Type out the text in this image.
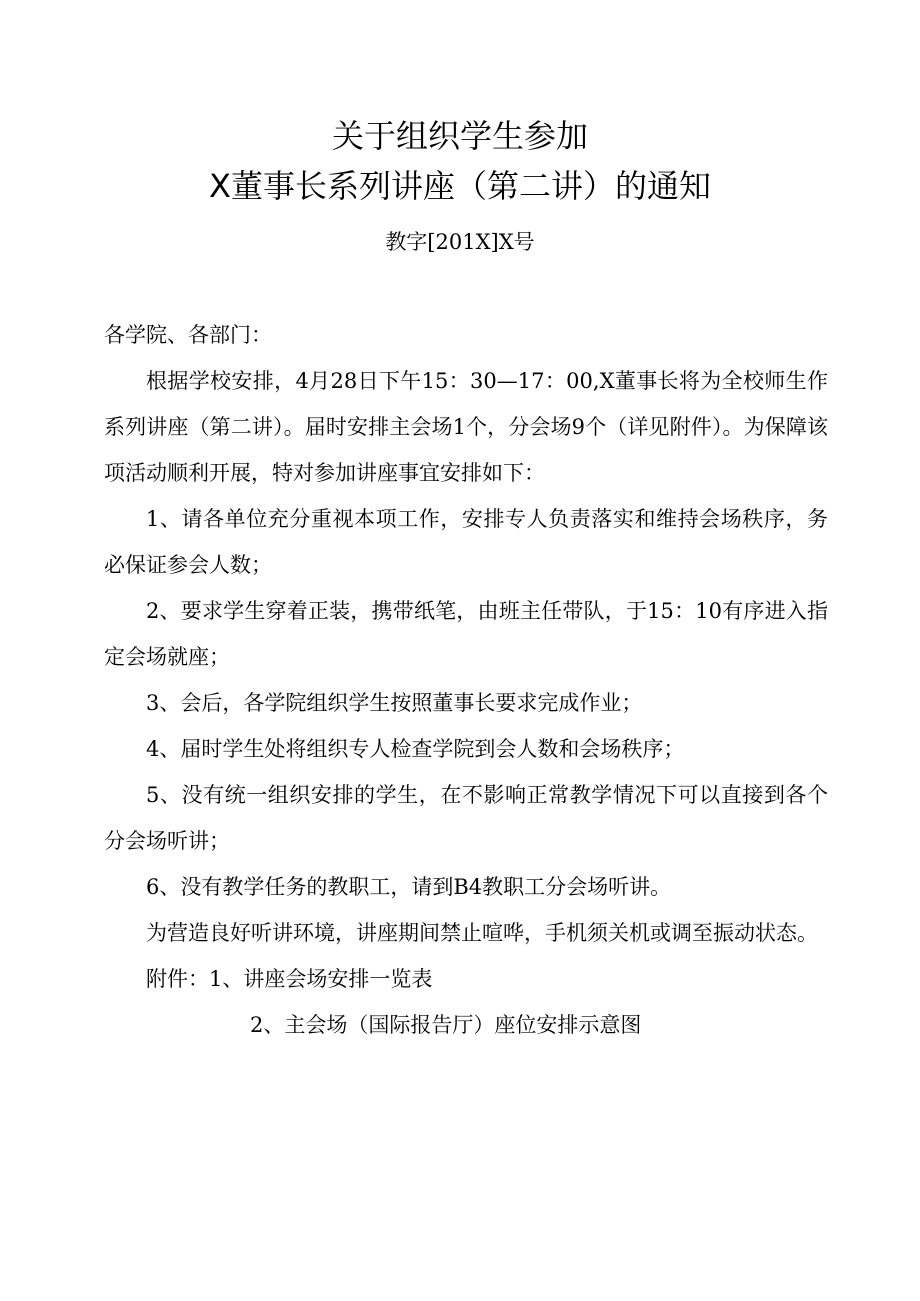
关于组织学生参加
X董事长系列讲座（第二讲）的通知
教字[201X]X号

各学院、各部门：

根据学校安排，4月28日下午15：30—17：00,X董事长将为全校师生作系列讲座（第二讲）。届时安排主会场1个，分会场9个（详见附件）。为保障该项活动顺利开展，特对参加讲座事宜安排如下：

1、请各单位充分重视本项工作，安排专人负责落实和维持会场秩序，务必保证参会人数；

2、要求学生穿着正装，携带纸笔，由班主任带队，于15：10有序进入指定会场就座；

3、会后，各学院组织学生按照董事长要求完成作业；

4、届时学生处将组织专人检查学院到会人数和会场秩序；

5、没有统一组织安排的学生，在不影响正常教学情况下可以直接到各个分会场听讲；

6、没有教学任务的教职工，请到B4教职工分会场听讲。

为营造良好听讲环境，讲座期间禁止喧哗，手机须关机或调至振动状态。

附件：1、讲座会场安排一览表

2、主会场（国际报告厅）座位安排示意图
